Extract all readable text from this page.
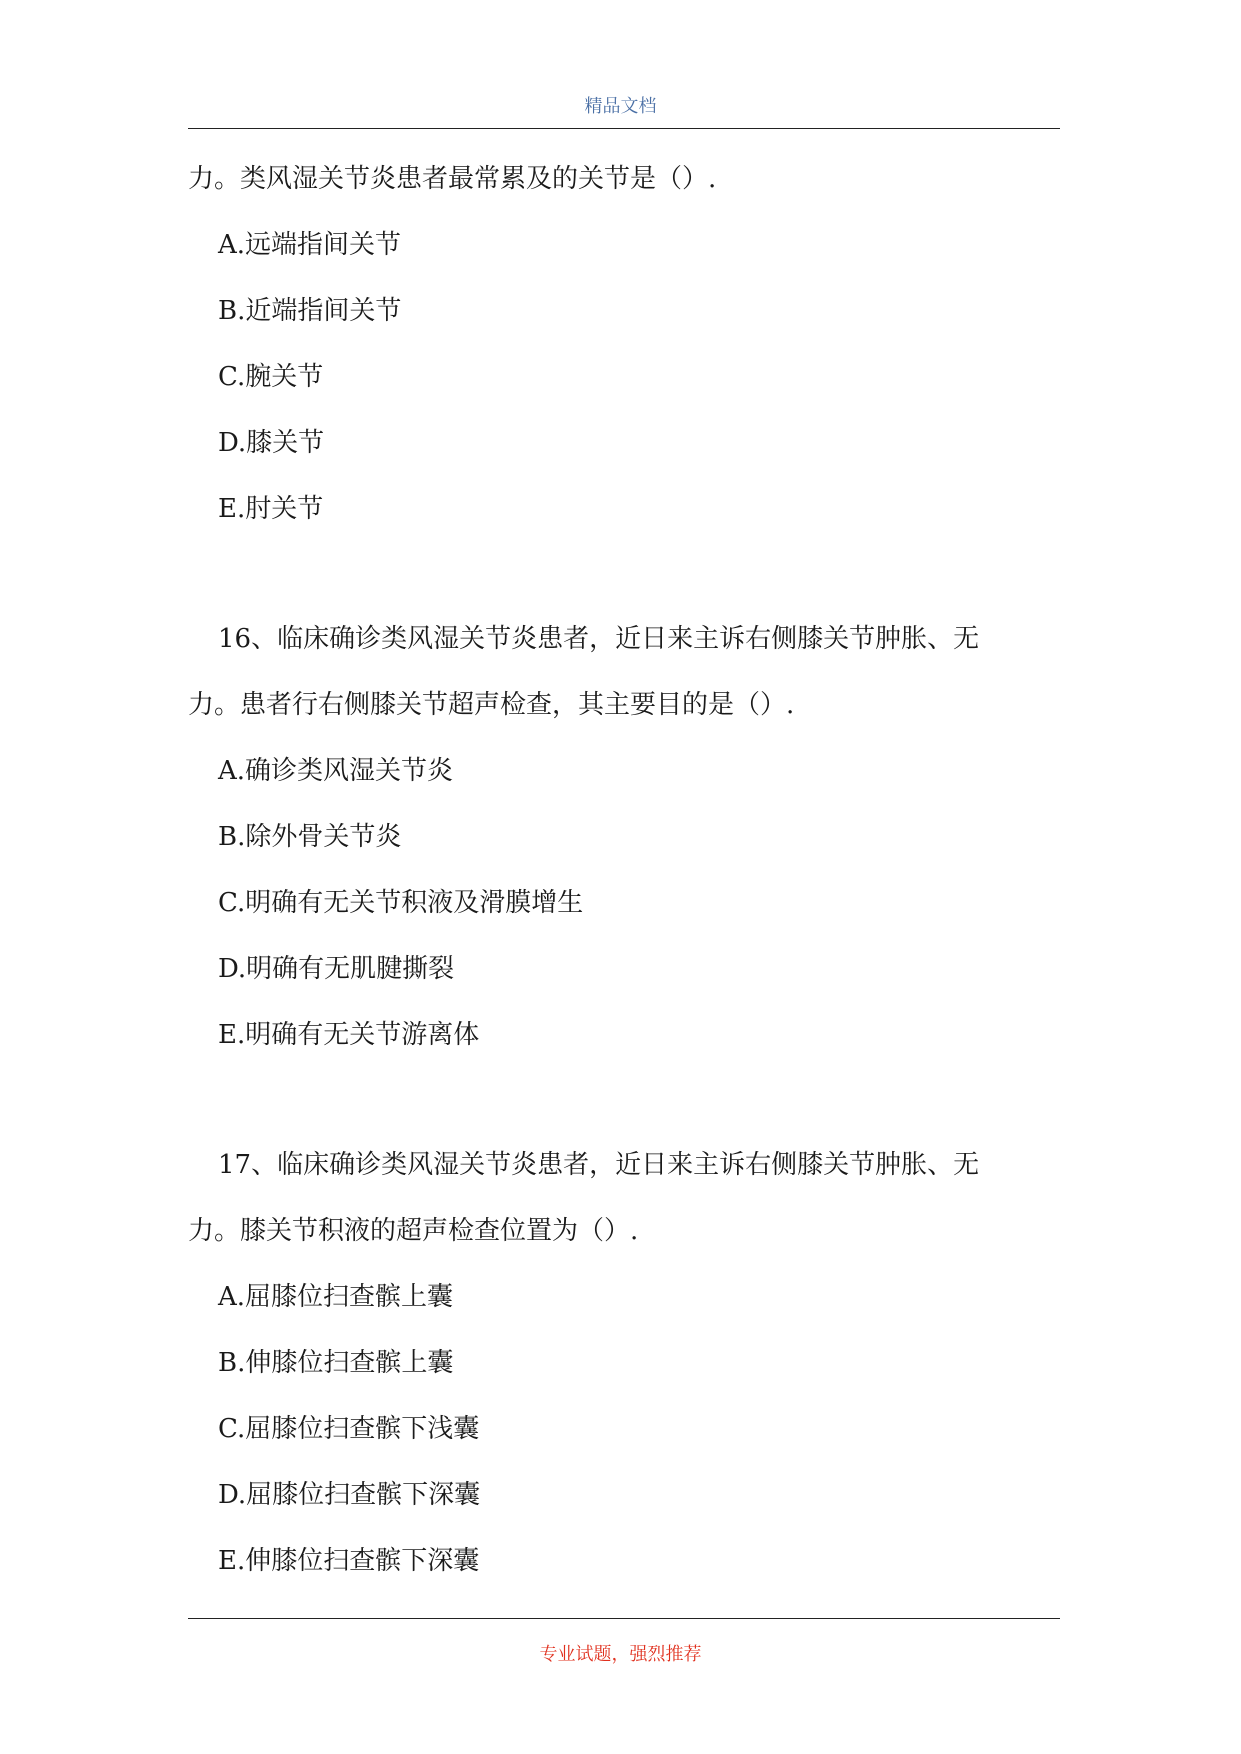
精品文档
力。类风湿关节炎患者最常累及的关节是（）.
A.远端指间关节
B.近端指间关节
C.腕关节
D.膝关节
E.肘关节
16、临床确诊类风湿关节炎患者，近日来主诉右侧膝关节肿胀、无
力。患者行右侧膝关节超声检查，其主要目的是（）.
A.确诊类风湿关节炎
B.除外骨关节炎
C.明确有无关节积液及滑膜增生
D.明确有无肌腱撕裂
E.明确有无关节游离体
17、临床确诊类风湿关节炎患者，近日来主诉右侧膝关节肿胀、无
力。膝关节积液的超声检查位置为（）.
A.屈膝位扫查髌上囊
B.伸膝位扫查髌上囊
C.屈膝位扫查髌下浅囊
D.屈膝位扫查髌下深囊
E.伸膝位扫查髌下深囊
专业试题，强烈推荐
